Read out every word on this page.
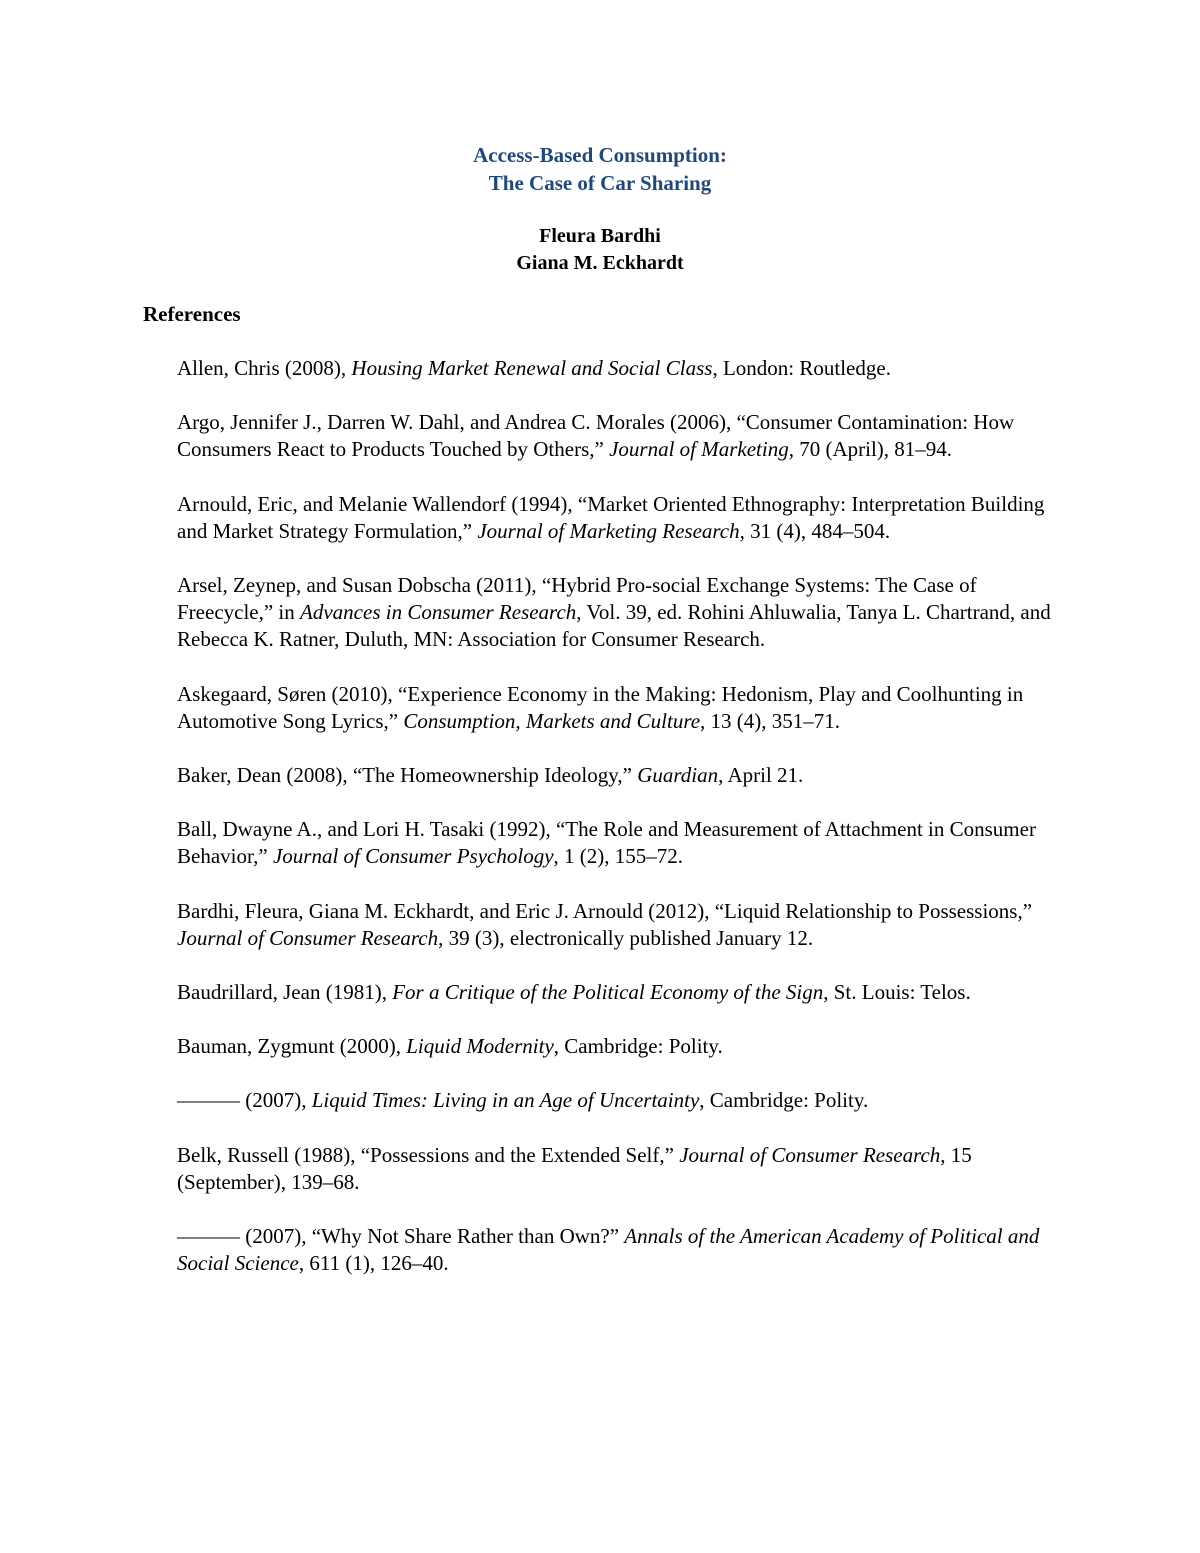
Access-Based Consumption:
The Case of Car Sharing
Fleura Bardhi
Giana M. Eckhardt
References
Allen, Chris (2008), Housing Market Renewal and Social Class, London: Routledge.
Argo, Jennifer J., Darren W. Dahl, and Andrea C. Morales (2006), “Consumer Contamination: How Consumers React to Products Touched by Others,” Journal of Marketing, 70 (April), 81–94.
Arnould, Eric, and Melanie Wallendorf (1994), “Market Oriented Ethnography: Interpretation Building and Market Strategy Formulation,” Journal of Marketing Research, 31 (4), 484–504.
Arsel, Zeynep, and Susan Dobscha (2011), “Hybrid Pro-social Exchange Systems: The Case of Freecycle,” in Advances in Consumer Research, Vol. 39, ed. Rohini Ahluwalia, Tanya L. Chartrand, and Rebecca K. Ratner, Duluth, MN: Association for Consumer Research.
Askegaard, Søren (2010), “Experience Economy in the Making: Hedonism, Play and Coolhunting in Automotive Song Lyrics,” Consumption, Markets and Culture, 13 (4), 351–71.
Baker, Dean (2008), “The Homeownership Ideology,” Guardian, April 21.
Ball, Dwayne A., and Lori H. Tasaki (1992), “The Role and Measurement of Attachment in Consumer Behavior,” Journal of Consumer Psychology, 1 (2), 155–72.
Bardhi, Fleura, Giana M. Eckhardt, and Eric J. Arnould (2012), “Liquid Relationship to Possessions,” Journal of Consumer Research, 39 (3), electronically published January 12.
Baudrillard, Jean (1981), For a Critique of the Political Economy of the Sign, St. Louis: Telos.
Bauman, Zygmunt (2000), Liquid Modernity, Cambridge: Polity.
——— (2007), Liquid Times: Living in an Age of Uncertainty, Cambridge: Polity.
Belk, Russell (1988), “Possessions and the Extended Self,” Journal of Consumer Research, 15 (September), 139–68.
——— (2007), “Why Not Share Rather than Own?” Annals of the American Academy of Political and Social Science, 611 (1), 126–40.
